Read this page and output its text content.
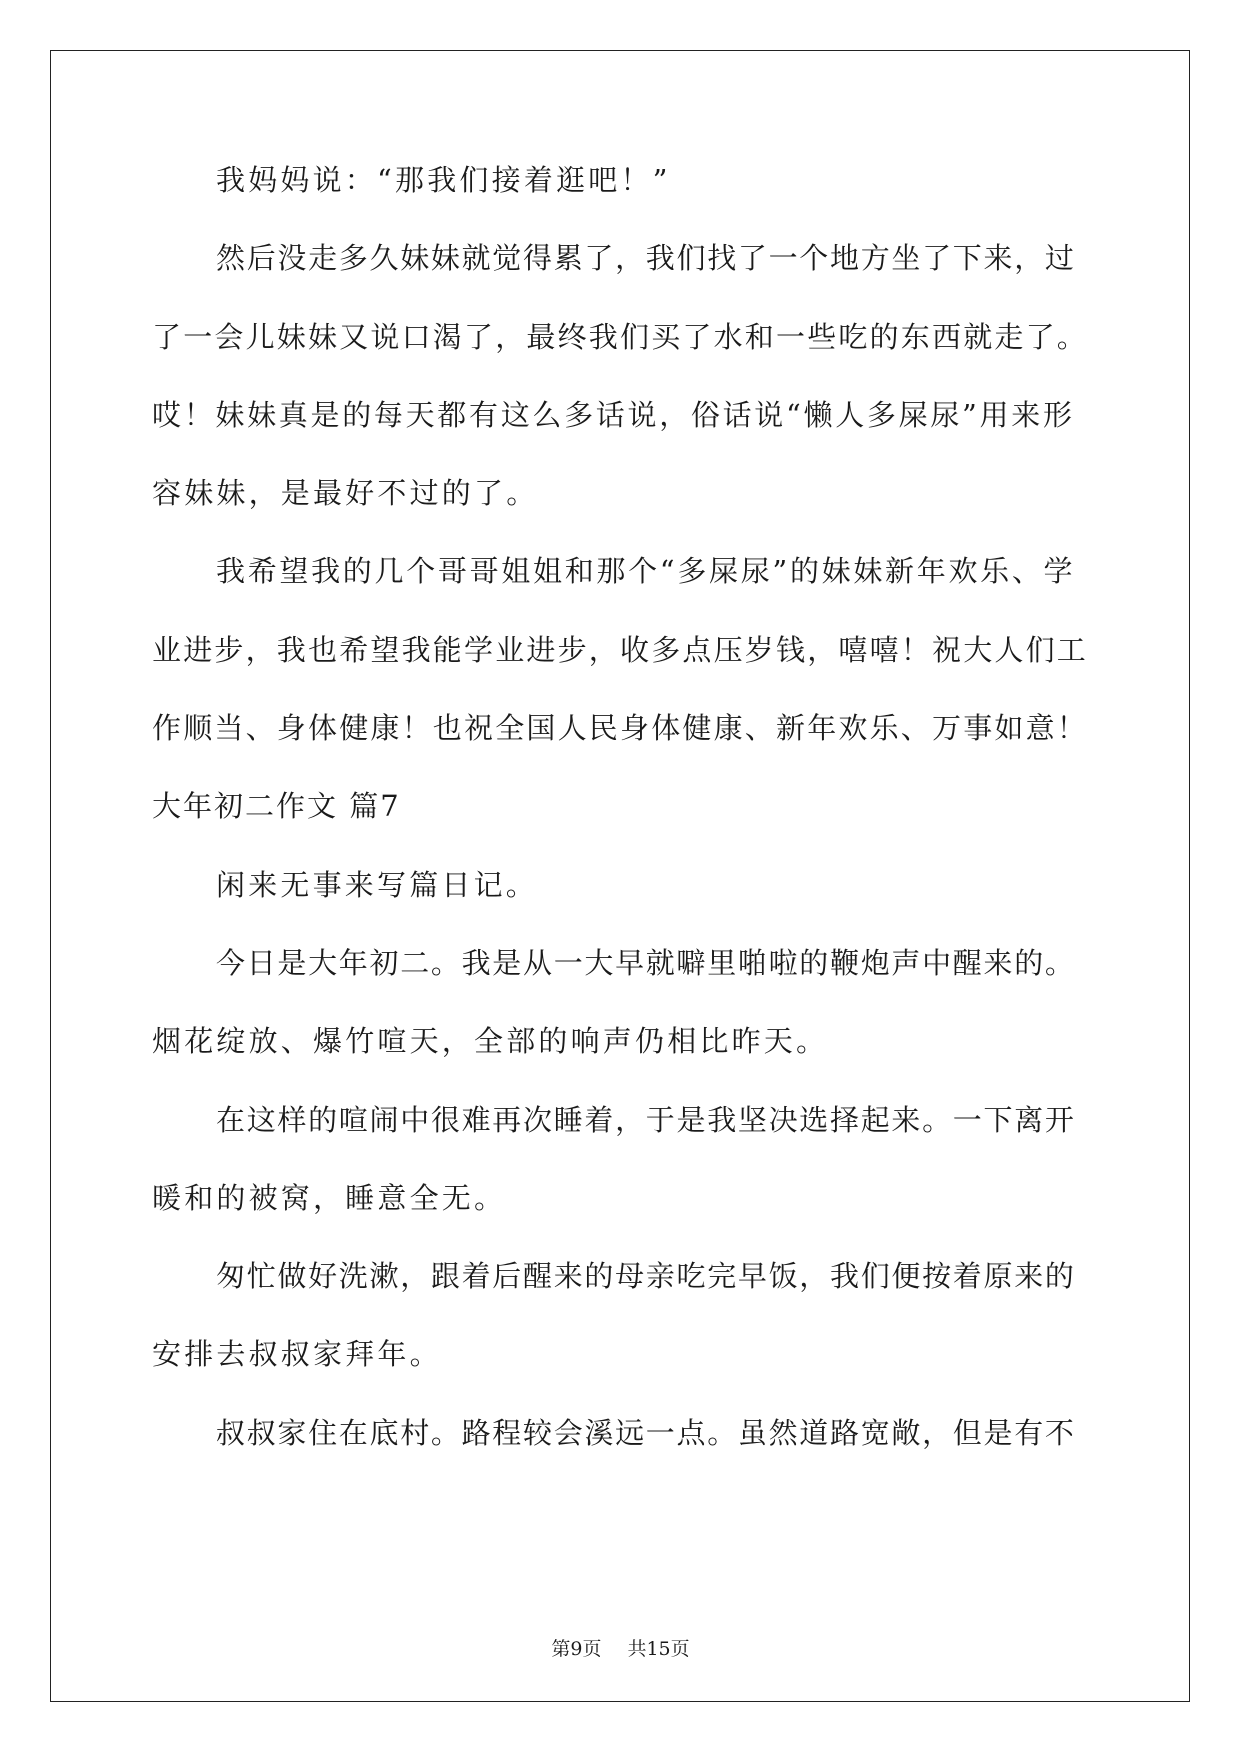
我妈妈说：“那我们接着逛吧！”
然后没走多久妹妹就觉得累了，我们找了一个地方坐了下来，过
了一会儿妹妹又说口渴了，最终我们买了水和一些吃的东西就走了。
哎！妹妹真是的每天都有这么多话说，俗话说“懒人多屎尿”用来形
容妹妹，是最好不过的了。
我希望我的几个哥哥姐姐和那个“多屎尿”的妹妹新年欢乐、学
业进步，我也希望我能学业进步，收多点压岁钱，嘻嘻！祝大人们工
作顺当、身体健康！也祝全国人民身体健康、新年欢乐、万事如意！
大年初二作文 篇7
闲来无事来写篇日记。
今日是大年初二。我是从一大早就噼里啪啦的鞭炮声中醒来的。
烟花绽放、爆竹喧天，全部的响声仍相比昨天。
在这样的喧闹中很难再次睡着，于是我坚决选择起来。一下离开
暖和的被窝，睡意全无。
匆忙做好洗漱，跟着后醒来的母亲吃完早饭，我们便按着原来的
安排去叔叔家拜年。
叔叔家住在底村。路程较会溪远一点。虽然道路宽敞，但是有不
第9页 共15页
